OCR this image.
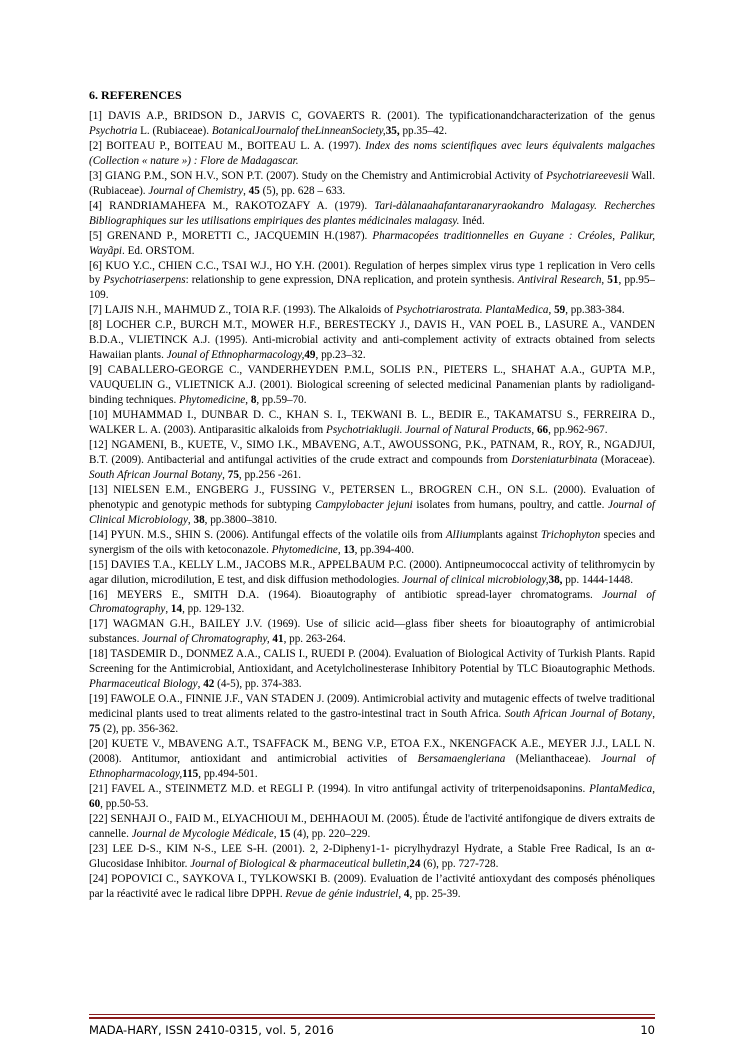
6. REFERENCES

[1] DAVIS A.P., BRIDSON D., JARVIS C, GOVAERTS R. (2001). The typificationandcharacterization of the genus Psychotria L. (Rubiaceae). BotanicalJournalof theLinneanSociety,35, pp.35–42.

[2] BOITEAU P., BOITEAU M., BOITEAU L. A. (1997). Index des noms scientifiques avec leurs équivalents malgaches (Collection « nature ») : Flore de Madagascar.

[3] GIANG P.M., SON H.V., SON P.T. (2007). Study on the Chemistry and Antimicrobial Activity of Psychotriareevesii Wall. (Rubiaceae). Journal of Chemistry, 45 (5), pp. 628 – 633.

[4] RANDRIAMAHEFA M., RAKOTOZAFY A. (1979). Tari-dàlanaahafantaranaryraokandro Malagasy. Recherches Bibliographiques sur les utilisations empiriques des plantes médicinales malagasy. Inéd.

[5] GRENAND P., MORETTI C., JACQUEMIN H.(1987). Pharmacopées traditionnelles en Guyane : Créoles, Palikur, Wayãpi. Ed. ORSTOM.

[6] KUO Y.C., CHIEN C.C., TSAI W.J., HO Y.H. (2001). Regulation of herpes simplex virus type 1 replication in Vero cells by Psychotriaserpens: relationship to gene expression, DNA replication, and protein synthesis. Antiviral Research, 51, pp.95–109.

[7] LAJIS N.H., MAHMUD Z., TOIA R.F. (1993). The Alkaloids of Psychotriarostrata. PlantaMedica, 59, pp.383-384.

[8] LOCHER C.P., BURCH M.T., MOWER H.F., BERESTECKY J., DAVIS H., VAN POEL B., LASURE A., VANDEN B.D.A., VLIETINCK A.J. (1995). Anti-microbial activity and anti-complement activity of extracts obtained from selects Hawaiian plants. Jounal of Ethnopharmacology,49, pp.23–32.

[9] CABALLERO-GEORGE C., VANDERHEYDEN P.M.L, SOLIS P.N., PIETERS L., SHAHAT A.A., GUPTA M.P., VAUQUELIN G., VLIETNICK A.J. (2001). Biological screening of selected medicinal Panamenian plants by radioligand-binding techniques. Phytomedicine, 8, pp.59–70.

[10] MUHAMMAD I., DUNBAR D. C., KHAN S. I., TEKWANI B. L., BEDIR E., TAKAMATSU S., FERREIRA D., WALKER L. A. (2003). Antiparasitic alkaloids from Psychotriaklugii. Journal of Natural Products, 66, pp.962-967.

[12] NGAMENI, B., KUETE, V., SIMO I.K., MBAVENG, A.T., AWOUSSONG, P.K., PATNAM, R., ROY, R., NGADJUI, B.T. (2009). Antibacterial and antifungal activities of the crude extract and compounds from Dorsteniaturbinata (Moraceae). South African Journal Botany, 75, pp.256 -261.

[13] NIELSEN E.M., ENGBERG J., FUSSING V., PETERSEN L., BROGREN C.H., ON S.L. (2000). Evaluation of phenotypic and genotypic methods for subtyping Campylobacter jejuni isolates from humans, poultry, and cattle. Journal of Clinical Microbiology, 38, pp.3800–3810.

[14] PYUN. M.S., SHIN S. (2006). Antifungal effects of the volatile oils from AlIiumplants against Trichophyton species and synergism of the oils with ketoconazole. Phytomedicine, 13, pp.394-400.

[15] DAVIES T.A., KELLY L.M., JACOBS M.R., APPELBAUM P.C. (2000). Antipneumococcal activity of telithromycin by agar dilution, microdilution, E test, and disk diffusion methodologies. Journal of clinical microbiology,38, pp. 1444-1448.

[16] MEYERS E., SMITH D.A. (1964). Bioautography of antibiotic spread-layer chromatograms. Journal of Chromatography, 14, pp. 129-132.

[17] WAGMAN G.H., BAILEY J.V. (1969). Use of silicic acid—glass fiber sheets for bioautography of antimicrobial substances. Journal of Chromatography, 41, pp. 263-264.

[18] TASDEMIR D., DONMEZ A.A., CALIS I., RUEDI P. (2004). Evaluation of Biological Activity of Turkish Plants. Rapid Screening for the Antimicrobial, Antioxidant, and Acetylcholinesterase Inhibitory Potential by TLC Bioautographic Methods. Pharmaceutical Biology, 42 (4-5), pp. 374-383.

[19] FAWOLE O.A., FINNIE J.F., VAN STADEN J. (2009). Antimicrobial activity and mutagenic effects of twelve traditional medicinal plants used to treat aliments related to the gastro-intestinal tract in South Africa. South African Journal of Botany, 75 (2), pp. 356-362.

[20] KUETE V., MBAVENG A.T., TSAFFACK M., BENG V.P., ETOA F.X., NKENGFACK A.E., MEYER J.J., LALL N. (2008). Antitumor, antioxidant and antimicrobial activities of Bersamaengleriana (Melianthaceae). Journal of Ethnopharmacology,115, pp.494-501.

[21] FAVEL A., STEINMETZ M.D. et REGLI P. (1994). In vitro antifungal activity of triterpenoidsaponins. PlantaMedica, 60, pp.50-53.

[22] SENHAJI O., FAID M., ELYACHIOUI M., DEHHAOUI M. (2005). Étude de l'activité antifongique de divers extraits de cannelle. Journal de Mycologie Médicale, 15 (4), pp. 220–229.

[23] LEE D-S., KIM N-S., LEE S-H. (2001). 2, 2-Dipheny1-1- picrylhydrazyl Hydrate, a Stable Free Radical, Is an α-Glucosidase Inhibitor. Journal of Biological & pharmaceutical bulletin,24 (6), pp. 727-728.

[24] POPOVICI C., SAYKOVA I., TYLKOWSKI B. (2009). Evaluation de l’activité antioxydant des composés phénoliques par la réactivité avec le radical libre DPPH. Revue de génie industriel, 4, pp. 25-39.

MADA-HARY, ISSN 2410-0315, vol. 5, 2016	10
